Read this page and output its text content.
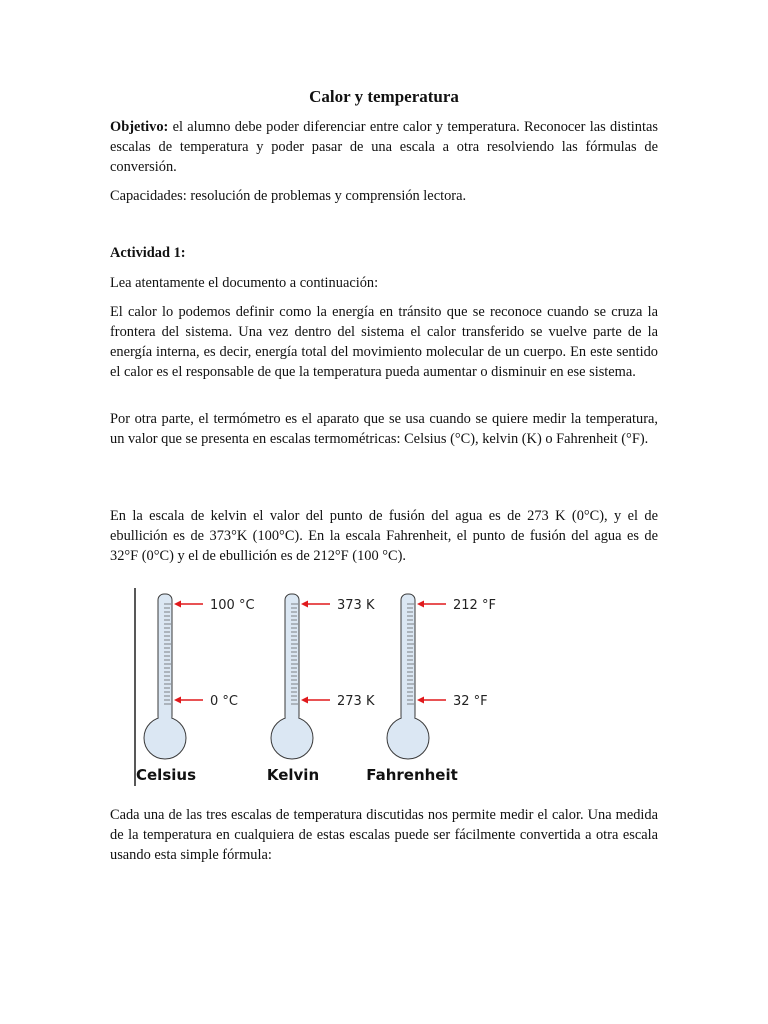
Calor y temperatura

Objetivo: el alumno debe poder diferenciar entre calor y temperatura. Reconocer las distintas escalas de temperatura y poder pasar de una escala a otra resolviendo las fórmulas de conversión.

Capacidades: resolución de problemas y comprensión lectora.

Actividad 1:

Lea atentamente el documento a continuación:

El calor lo podemos definir como la energía en tránsito que se reconoce cuando se cruza la frontera del sistema. Una vez dentro del sistema el calor transferido se vuelve parte de la energía interna, es decir, energía total del movimiento molecular de un cuerpo. En este sentido el calor es el responsable de que la temperatura pueda aumentar o disminuir en ese sistema.

Por otra parte, el termómetro es el aparato que se usa cuando se quiere medir la temperatura, un valor que se presenta en escalas termométricas: Celsius (°C), kelvin (K) o Fahrenheit (°F).

En la escala de kelvin el valor del punto de fusión del agua es de 273 K (0°C), y el de ebullición es de 373°K (100°C). En la escala Fahrenheit, el punto de fusión del agua es de 32°F (0°C) y el de ebullición es de 212°F (100 °C).

Cada una de las tres escalas de temperatura discutidas nos permite medir el calor. Una medida de la temperatura en cualquiera de estas escalas puede ser fácilmente convertida a otra escala usando esta simple fórmula:

100 °C
0 °C
Celsius
373 K
273 K
Kelvin
212 °F
32 °F
Fahrenheit
